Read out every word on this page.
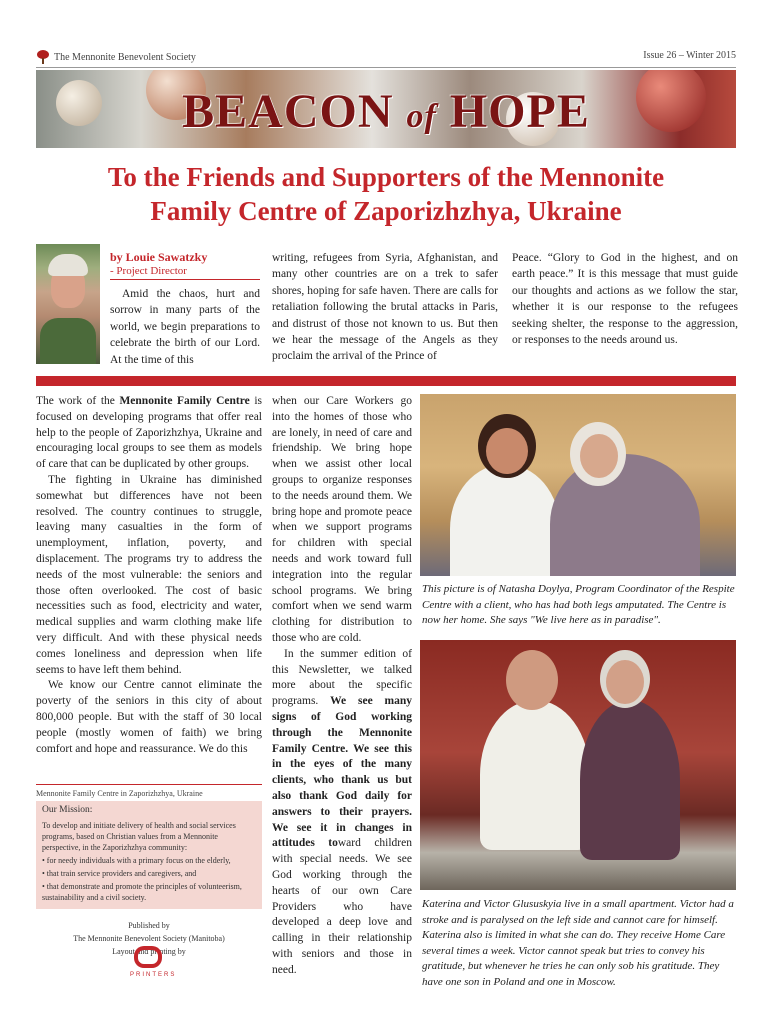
The Mennonite Benevolent Society	Issue 26 – Winter 2015
BEACON of HOPE
To the Friends and Supporters of the Mennonite
Family Centre of Zaporizhzhya, Ukraine
by Louie Sawatzky
- Project Director
Amid the chaos, hurt and sorrow in many parts of the world, we begin preparations to celebrate the birth of our Lord. At the time of this
writing, refugees from Syria, Afghanistan, and many other countries are on a trek to safer shores, hoping for safe haven. There are calls for retaliation following the brutal attacks in Paris, and distrust of those not known to us. But then we hear the message of the Angels as they proclaim the arrival of the Prince of
Peace. “Glory to God in the highest, and on earth peace.” It is this message that must guide our thoughts and actions as we follow the star, whether it is our response to the refugees seeking shelter, the response to the aggression, or responses to the needs around us.

The work of the Mennonite Family Centre is focused on developing programs that offer real help to the people of Zaporizhzhya, Ukraine and encouraging local groups to see them as models of care that can be duplicated by other groups.

The fighting in Ukraine has diminished somewhat but differences have not been resolved. The country continues to struggle, leaving many casualties in the form of unemployment, inflation, poverty, and displacement. The programs try to address the needs of the most vulnerable: the seniors and those often overlooked. The cost of basic necessities such as food, electricity and water, medical supplies and warm clothing make life very difficult. And with these physical needs comes loneliness and depression when life seems to have left them behind.

We know our Centre cannot eliminate the poverty of the seniors in this city of about 800,000 people. But with the staff of 30 local people (mostly women of faith) we bring comfort and hope and reassurance. We do this

when our Care Workers go into the homes of those who are lonely, in need of care and friendship. We bring hope when we assist other local groups to organize responses to the needs around them. We bring hope and promote peace when we support programs for children with special needs and work toward full integration into the regular school programs. We bring comfort when we send warm clothing for distribution to those who are cold.

In the summer edition of this Newsletter, we talked more about the specific programs. We see many signs of God working through the Mennonite Family Centre. We see this in the eyes of the many clients, who thank us but also thank God daily for answers to their prayers. We see it in changes in attitudes toward children with special needs. We see God working through the hearts of our own Care Providers who have developed a deep love and calling in their relationship with seniors and those in need.

Mennonite Family Centre in Zaporizhzhya, Ukraine
Our Mission:
To develop and initiate delivery of health and social services programs, based on Christian values from a Mennonite perspective, in the Zaporizhzhya community:
• for needy individuals with a primary focus on the elderly,
• that train service providers and caregivers, and
• that demonstrate and promote the principles of volunteerism, sustainability and a civil society.
Published by
The Mennonite Benevolent Society (Manitoba)
Layout and printing by
PRINTERS
This picture is of Natasha Doylya, Program Coordinator of the Respite Centre with a client, who has had both legs amputated. The Centre is now her home. She says "We live here as in paradise".
Katerina and Victor Glususkyia live in a small apartment. Victor had a stroke and is paralysed on the left side and cannot care for himself. Katerina also is limited in what she can do. They receive Home Care several times a week. Victor cannot speak but tries to convey his gratitude, but whenever he tries he can only sob his gratitude. They have one son in Poland and one in Moscow.
